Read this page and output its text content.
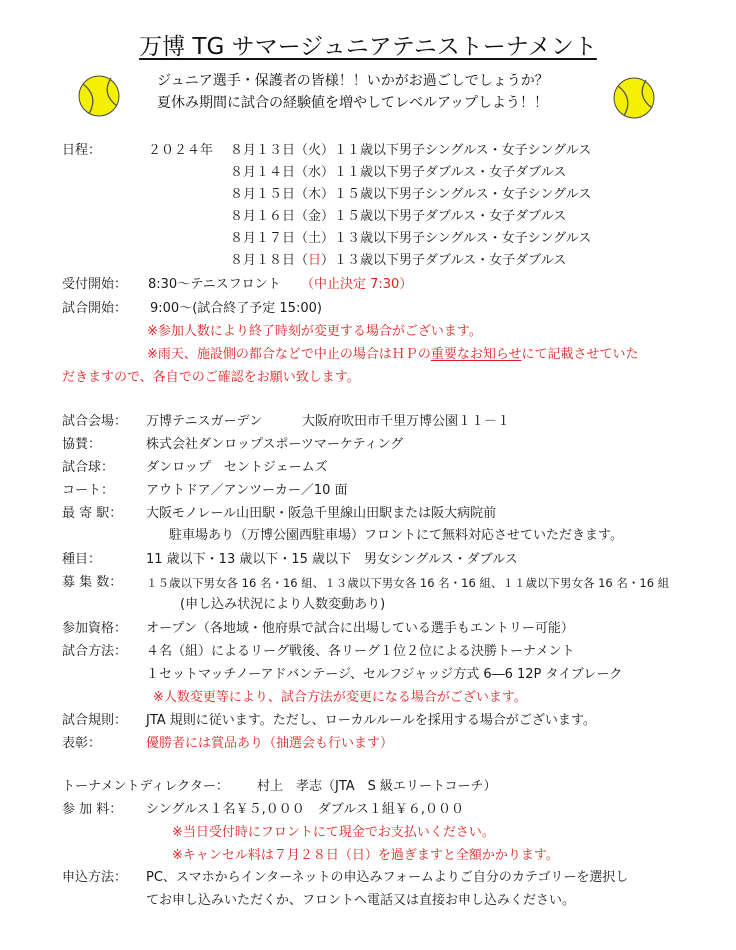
万博 TG サマージュニアテニストーナメント
ジュニア選手・保護者の皆様！！いかがお過ごしでしょうか？
夏休み期間に試合の経験値を増やしてレベルアップしよう！！
日程：	２０２４年 ８月１３日（火）１１歳以下男子シングルス・女子シングルス
８月１４日（水）１１歳以下男子ダブルス・女子ダブルス
８月１５日（木）１５歳以下男子シングルス・女子シングルス
８月１６日（金）１５歳以下男子ダブルス・女子ダブルス
８月１７日（土）１３歳以下男子シングルス・女子シングルス
８月１８日（日）１３歳以下男子ダブルス・女子ダブルス
受付開始： 8:30～テニスフロント （中止決定 7:30）
試合開始： 9:00～(試合終了予定 15:00)
※参加人数により終了時刻が変更する場合がございます。
※雨天、施設側の都合などで中止の場合はＨＰの重要なお知らせにて記載させていた
だきますので、各自でのご確認をお願い致します。
試合会場： 万博テニスガーデン	大阪府吹田市千里万博公園１１－１
協賛：	株式会社ダンロップスポーツマーケティング
試合球： ダンロップ　セントジェームズ
コート： アウトドア／アンツーカー／10 面
最 寄 駅： 大阪モノレール山田駅・阪急千里線山田駅または阪大病院前
駐車場あり（万博公園西駐車場）フロントにて無料対応させていただきます。
種目：	11 歳以下・13 歳以下・15 歳以下　男女シングルス・ダブルス
募 集 数： １５歳以下男女各 16 名・16 組、１３歳以下男女各 16 名・16 組、１１歳以下男女各 16 名・16 組
(申し込み状況により人数変動あり)
参加資格： オープン（各地域・他府県で試合に出場している選手もエントリー可能）
試合方法： ４名（組）によるリーグ戦後、各リーグ１位２位による決勝トーナメント
１セットマッチノーアドバンテージ、セルフジャッジ方式 6―6 12P タイブレーク
※人数変更等により、試合方法が変更になる場合がございます。
試合規則： JTA 規則に従います。ただし、ローカルルールを採用する場合がございます。
表彰：	優勝者には賞品あり（抽選会も行います）
トーナメントディレクター： 村上　孝志（JTA　S 級エリートコーチ）
参 加 料： シングルス１名￥５,０００　ダブルス１組￥６,０００
※当日受付時にフロントにて現金でお支払いください。
※キャンセル料は７月２８日（日）を過ぎますと全額かかります。
申込方法： PC、スマホからインターネットの申込みフォームよりご自分のカテゴリーを選択し
てお申し込みいただくか、フロントへ電話又は直接お申し込みください。
